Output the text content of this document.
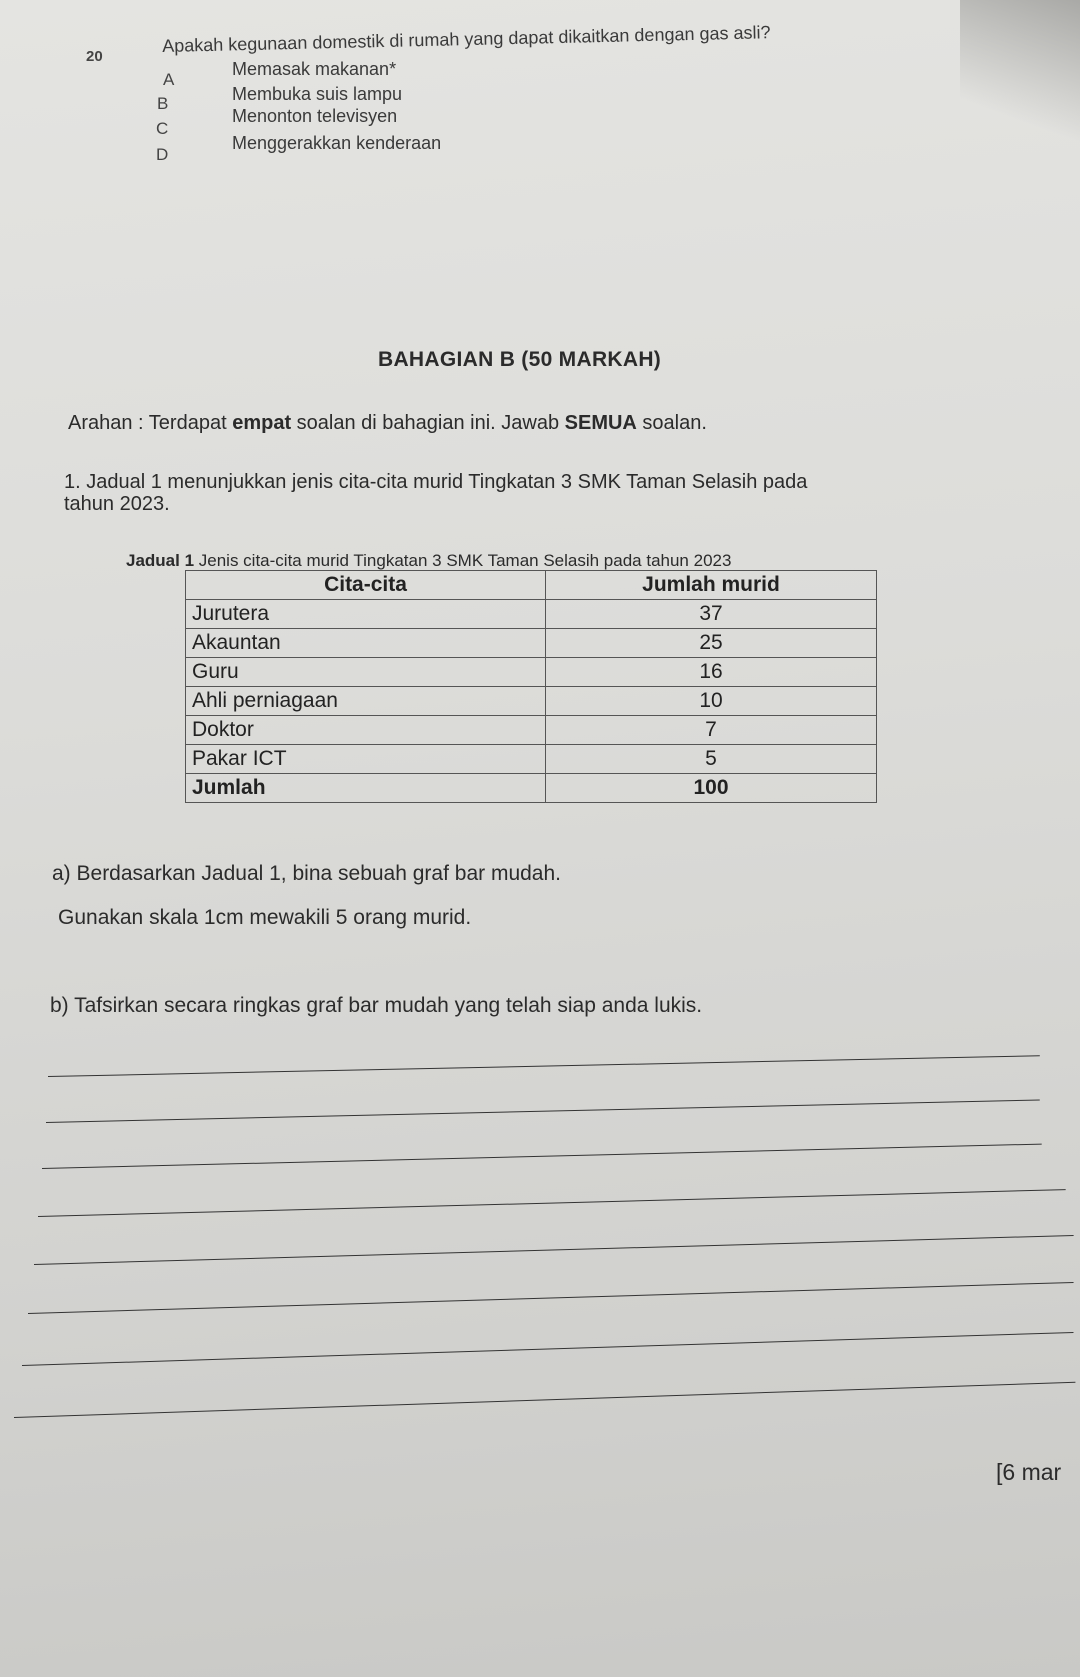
20
Apakah kegunaan domestik di rumah yang dapat dikaitkan dengan gas asli?
A
Memasak makanan*
B	Membuka suis lampu
C
Menonton televisyen
D
Menggerakkan kenderaan
BAHAGIAN B (50 MARKAH)
Arahan : Terdapat empat soalan di bahagian ini. Jawab SEMUA soalan.
1. Jadual 1 menunjukkan jenis cita-cita murid Tingkatan 3 SMK Taman Selasih pada
tahun 2023.
Jadual 1 Jenis cita-cita murid Tingkatan 3 SMK Taman Selasih pada tahun 2023
Cita-cita	Jumlah murid
Jurutera	37
Akauntan	25
Guru	16
Ahli perniagaan	10
Doktor	7
Pakar ICT	5
Jumlah	100
a) Berdasarkan Jadual 1, bina sebuah graf bar mudah.
Gunakan skala 1cm mewakili 5 orang murid.
b) Tafsirkan secara ringkas graf bar mudah yang telah siap anda lukis.
[6 mar
